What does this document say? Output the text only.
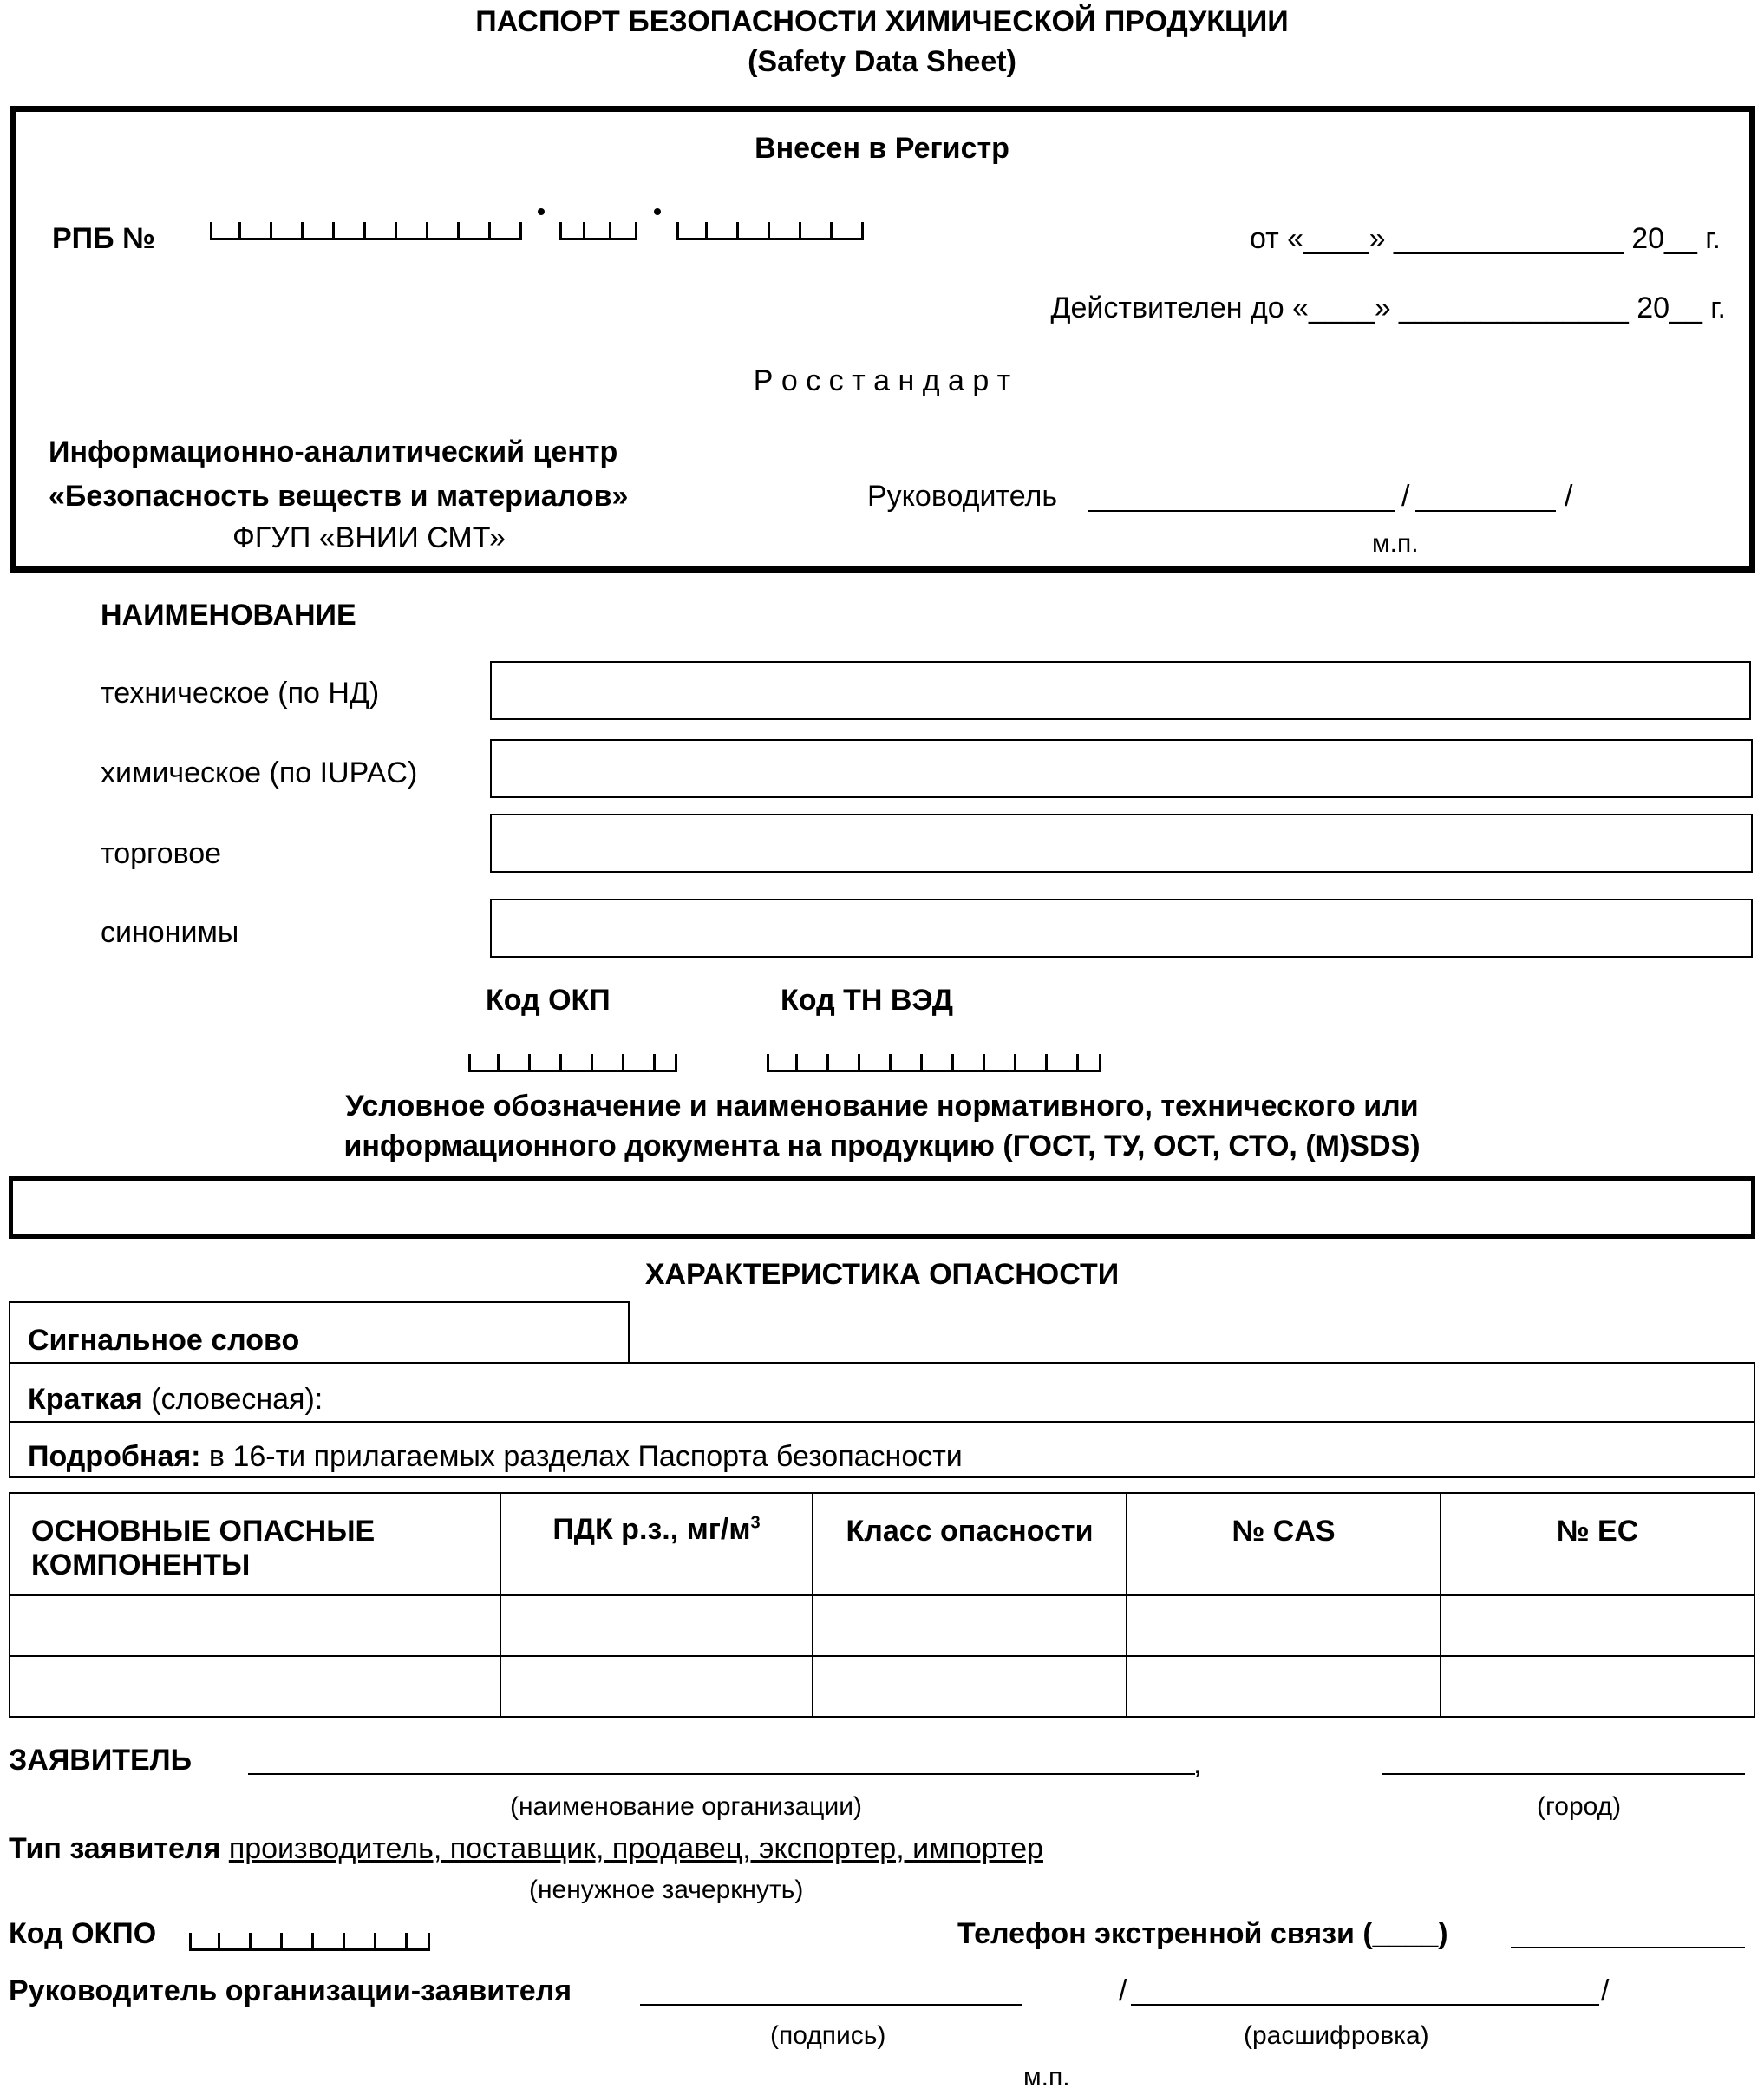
ПАСПОРТ БЕЗОПАСНОСТИ ХИМИЧЕСКОЙ ПРОДУКЦИИ
(Safety Data Sheet)
Внесен в Регистр
РПБ №	от «____» ______________ 20__ г.
Действителен до «____» ______________ 20__ г.
Р о с с т а н д а р т
Информационно-аналитический центр
«Безопасность веществ и материалов»
ФГУП «ВНИИ СМТ»
Руководитель	/	/
м.п.
НАИМЕНОВАНИЕ
техническое (по НД)
химическое (по IUPAC)
торговое
синонимы
Код ОКП	Код ТН ВЭД
Условное обозначение и наименование нормативного, технического или
информационного документа на продукцию (ГОСТ, ТУ, ОСТ, СТО, (М)SDS)
ХАРАКТЕРИСТИКА ОПАСНОСТИ
Сигнальное слово
Краткая (словесная):
Подробная: в 16-ти прилагаемых разделах Паспорта безопасности
ОСНОВНЫЕ ОПАСНЫЕ КОМПОНЕНТЫ	ПДК р.з., $мг/м^3$	Класс опасности	№ CAS	№ ЕС

ЗАЯВИТЕЛЬ	,
(наименование организации)	(город)
Тип заявителя производитель, поставщик, продавец, экспортер, импортер
(ненужное зачеркнуть)
Код ОКПО	Телефон экстренной связи (____)
Руководитель организации-заявителя	/	/
(подпись)	(расшифровка)
м.п.
